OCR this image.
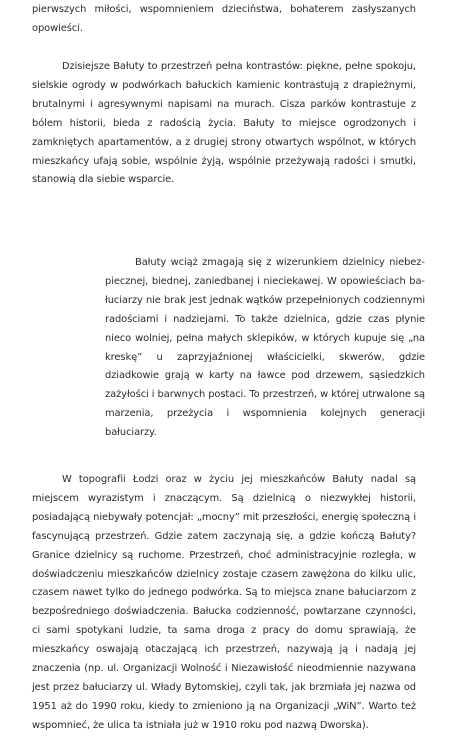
pierwszych miłości, wspomnieniem dzieciństwa, bohaterem zasłyszanych opowieści.

Dzisiejsze Bałuty to przestrzeń pełna kontrastów: piękne, pełne spokoju, sielskie ogrody w podwórkach bałuckich kamienic kontrastują z drapieżnymi, brutalnymi i agresywnymi napisami na murach. Cisza parków kontrastuje z bólem historii, bieda z radością życia. Bałuty to miejsce ogrodzonych i zamkniętych apartamentów, a z drugiej strony otwartych wspólnot, w których mieszkańcy ufają sobie, wspólnie żyją, wspólnie przeżywają radości i smutki, stanowią dla siebie wsparcie.

Bałuty wciąż zmagają się z wizerunkiem dzielnicy niebezpiecznej, biednej, zaniedbanej i nieciekawej. W opowieściach bałuciarzy nie brak jest jednak wątków przepełnionych codziennymi radościami i nadziejami. To także dzielnica, gdzie czas płynie nieco wolniej, pełna małych sklepików, w których kupuje się „na kreskę” u zaprzyjaźnionej właścicielki, skwerów, gdzie dziadkowie grają w karty na ławce pod drzewem, sąsiedzkich zażyłości i barwnych postaci. To przestrzeń, w której utrwalone są marzenia, przeżycia i wspomnienia kolejnych generacji bałuciarzy.

W topografii Łodzi oraz w życiu jej mieszkańców Bałuty nadal są miejscem wyrazistym i znaczącym. Są dzielnicą o niezwykłej historii, posiadającą niebywały potencjał: „mocny” mit przeszłości, energię społeczną i fascynującą przestrzeń. Gdzie zatem zaczynają się, a gdzie kończą Bałuty? Granice dzielnicy są ruchome. Przestrzeń, choć administracyjnie rozległa, w doświadczeniu mieszkańców dzielnicy zostaje czasem zawężona do kilku ulic, czasem nawet tylko do jednego podwórka. Są to miejsca znane bałuciarzom z bezpośredniego doświadczenia. Bałucka codzienność, powtarzane czynności, ci sami spotykani ludzie, ta sama droga z pracy do domu sprawiają, że mieszkańcy oswajają otaczającą ich przestrzeń, nazywają ją i nadają jej znaczenia (np. ul. Organizacji Wolność i Niezawisłość nieodmiennie nazywana jest przez bałuciarzy ul. Włady Bytomskiej, czyli tak, jak brzmiała jej nazwa od 1951 aż do 1990 roku, kiedy to zmieniono ją na Organizacji „WiN”. Warto też wspomnieć, że ulica ta istniała już w 1910 roku pod nazwą Dworska).
